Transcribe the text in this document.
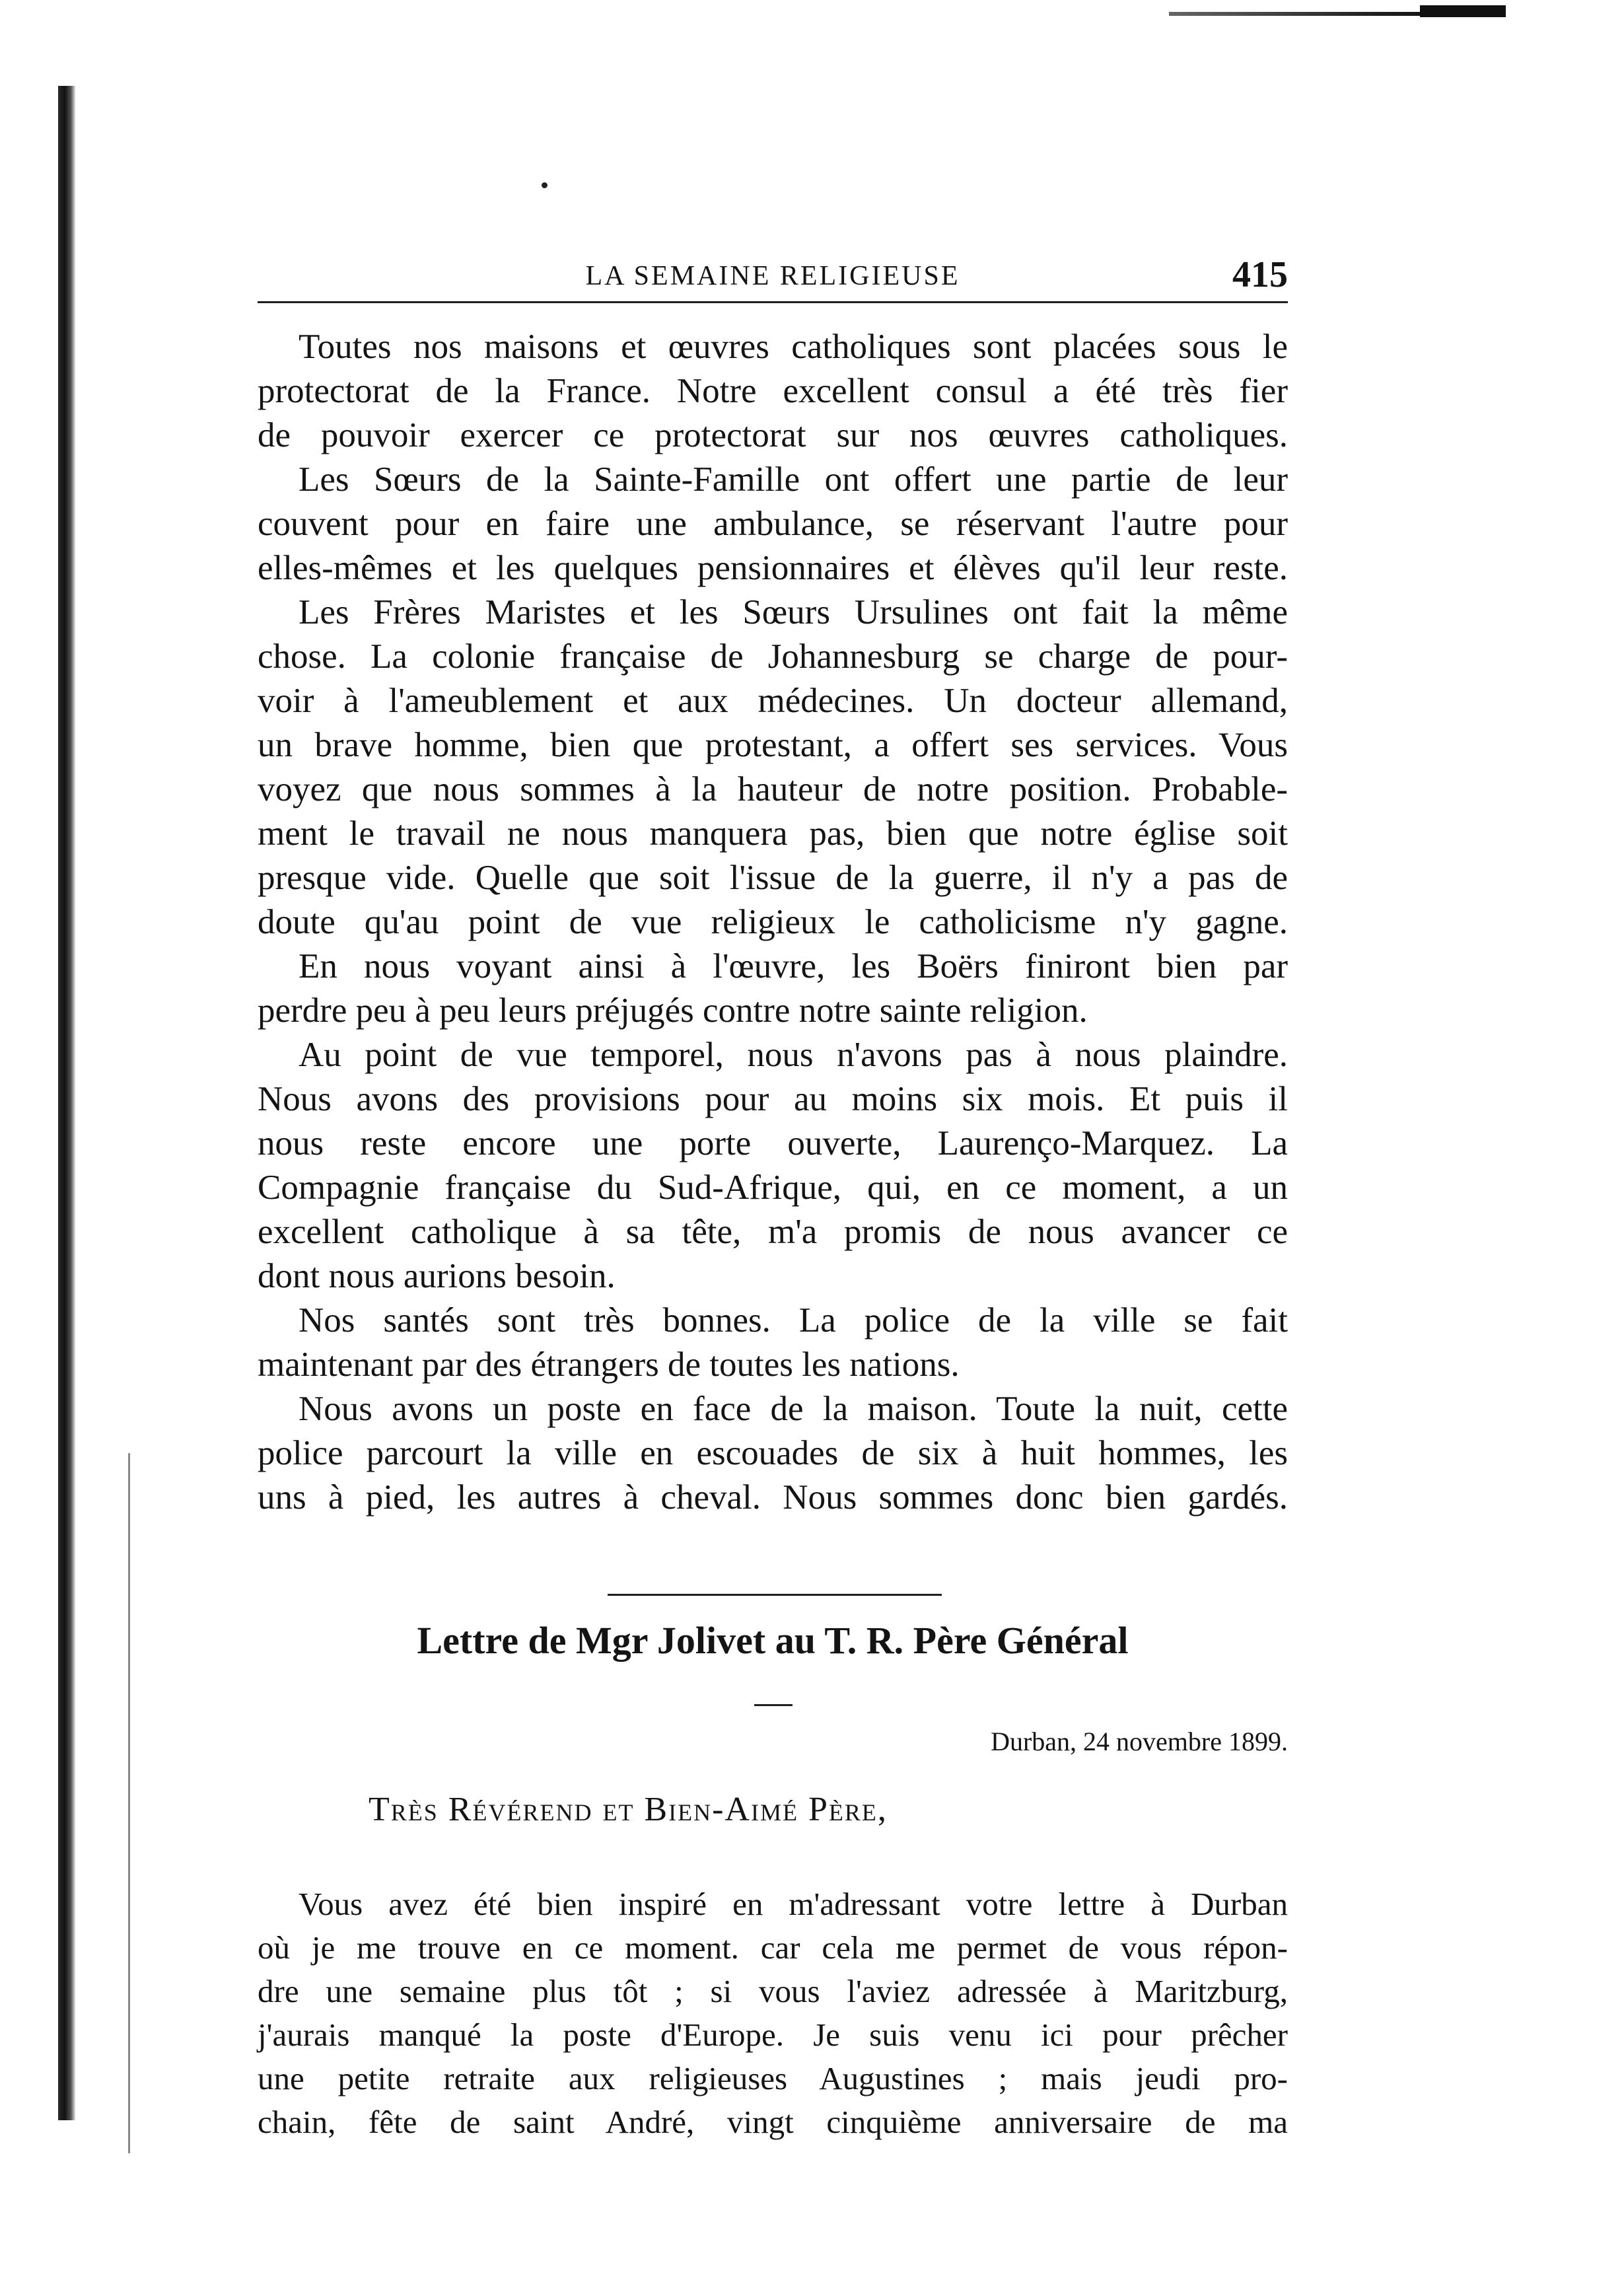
LA SEMAINE RELIGIEUSE	415
Toutes nos maisons et œuvres catholiques sont placées sous le
protectorat de la France. Notre excellent consul a été très fier
de pouvoir exercer ce protectorat sur nos œuvres catholiques.
Les Sœurs de la Sainte-Famille ont offert une partie de leur
couvent pour en faire une ambulance, se réservant l'autre pour
elles-mêmes et les quelques pensionnaires et élèves qu'il leur reste.
Les Frères Maristes et les Sœurs Ursulines ont fait la même
chose. La colonie française de Johannesburg se charge de pour-
voir à l'ameublement et aux médecines. Un docteur allemand,
un brave homme, bien que protestant, a offert ses services. Vous
voyez que nous sommes à la hauteur de notre position. Probable-
ment le travail ne nous manquera pas, bien que notre église soit
presque vide. Quelle que soit l'issue de la guerre, il n'y a pas de
doute qu'au point de vue religieux le catholicisme n'y gagne.
En nous voyant ainsi à l'œuvre, les Boërs finiront bien par
perdre peu à peu leurs préjugés contre notre sainte religion.
Au point de vue temporel, nous n'avons pas à nous plaindre.
Nous avons des provisions pour au moins six mois. Et puis il
nous reste encore une porte ouverte, Laurenço-Marquez. La
Compagnie française du Sud-Afrique, qui, en ce moment, a un
excellent catholique à sa tête, m'a promis de nous avancer ce
dont nous aurions besoin.
Nos santés sont très bonnes. La police de la ville se fait
maintenant par des étrangers de toutes les nations.
Nous avons un poste en face de la maison. Toute la nuit, cette
police parcourt la ville en escouades de six à huit hommes, les
uns à pied, les autres à cheval. Nous sommes donc bien gardés.
Lettre de Mgr Jolivet au T. R. Père Général
Durban, 24 novembre 1899.
Très Révérend et Bien-Aimé Père,
Vous avez été bien inspiré en m'adressant votre lettre à Durban
où je me trouve en ce moment. car cela me permet de vous répon-
dre une semaine plus tôt ; si vous l'aviez adressée à Maritzburg,
j'aurais manqué la poste d'Europe. Je suis venu ici pour prêcher
une petite retraite aux religieuses Augustines ; mais jeudi pro-
chain, fête de saint André, vingt cinquième anniversaire de ma
